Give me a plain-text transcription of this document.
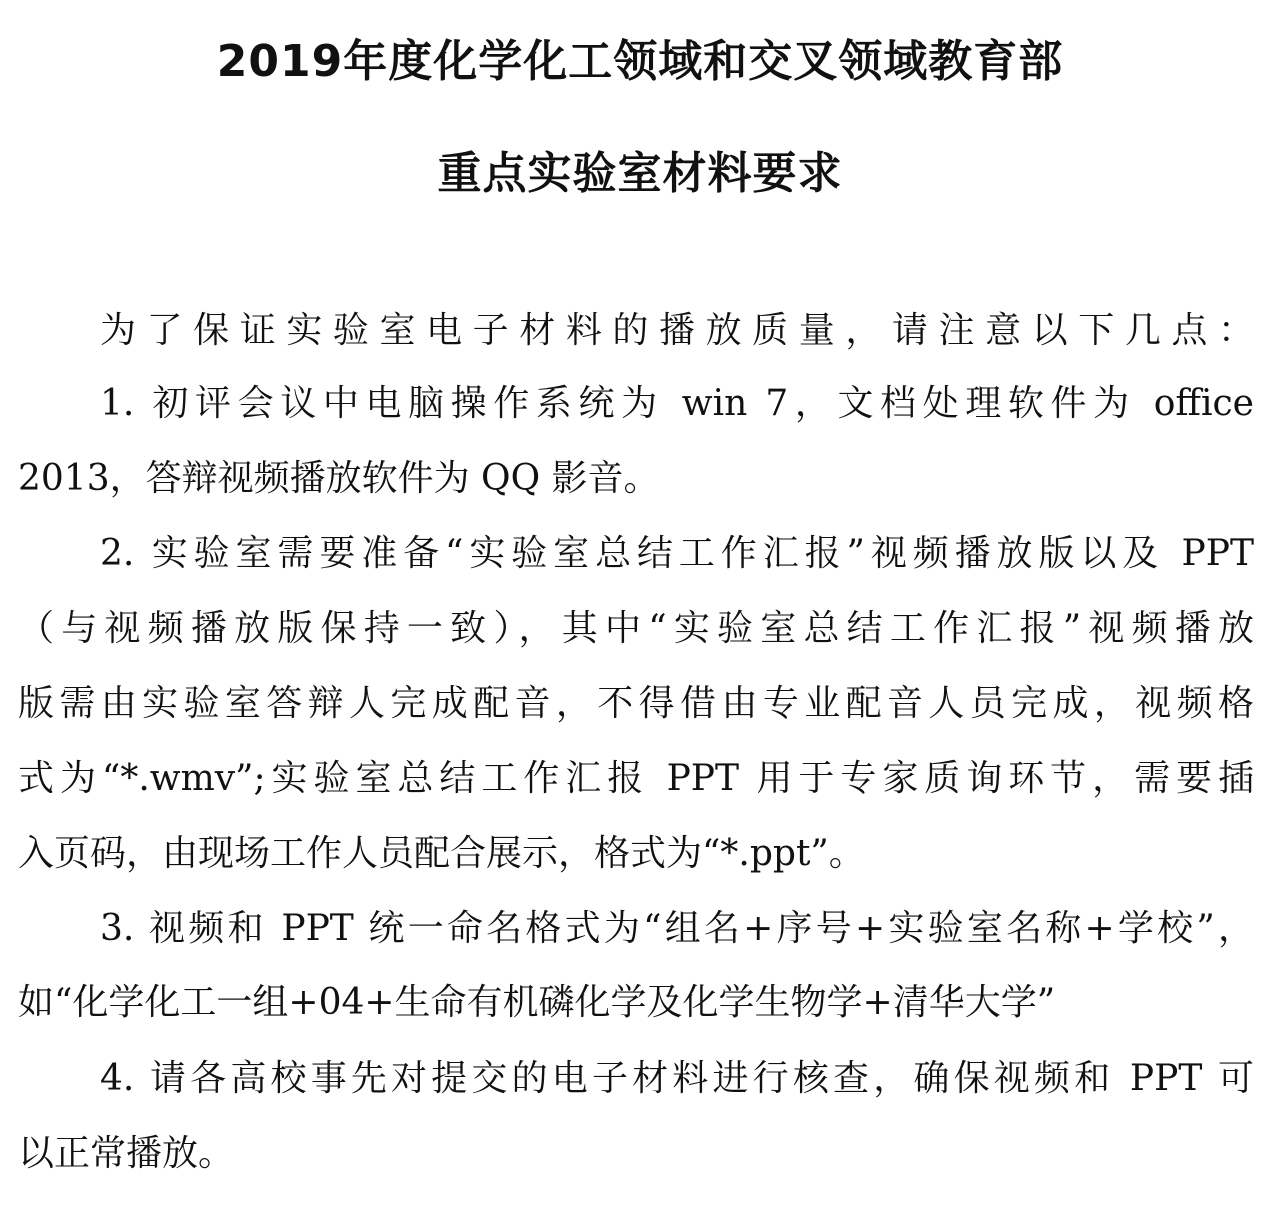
2019年度化学化工领域和交叉领域教育部
重点实验室材料要求
为了保证实验室电子材料的播放质量，请注意以下几点：
1. 初评会议中电脑操作系统为 win 7，文档处理软件为 office
2013，答辩视频播放软件为 QQ 影音。
2. 实验室需要准备“实验室总结工作汇报”视频播放版以及 PPT
（与视频播放版保持一致），其中“实验室总结工作汇报”视频播放
版需由实验室答辩人完成配音，不得借由专业配音人员完成，视频格
式为“*.wmv”;实验室总结工作汇报 PPT 用于专家质询环节，需要插
入页码，由现场工作人员配合展示，格式为“*.ppt”。
3. 视频和 PPT 统一命名格式为“组名+序号+实验室名称+学校”，
如“化学化工一组+04+生命有机磷化学及化学生物学+清华大学”
4. 请各高校事先对提交的电子材料进行核查，确保视频和 PPT 可
以正常播放。
